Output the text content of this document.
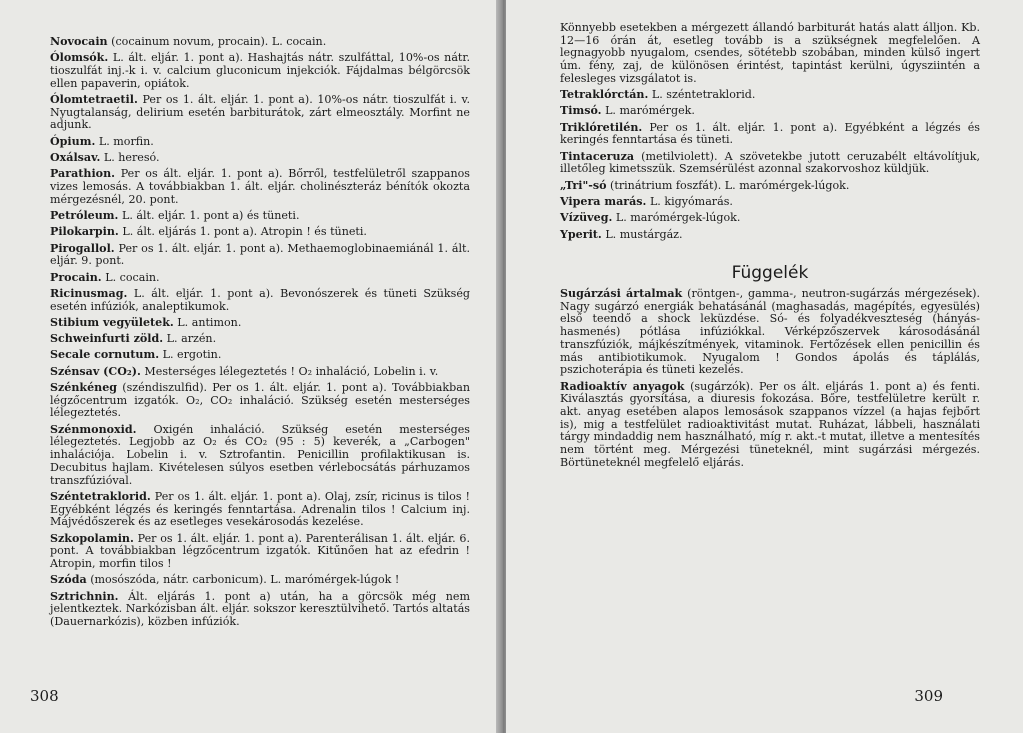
Novocain (cocainum novum, procain). L. cocain.

Ólomsók. L. ált. eljár. 1. pont a). Hashajtás nátr. szulfáttal, 10%-os nátr. tioszulfát inj.-k i. v. calcium gluconicum injekciók. Fájdalmas bélgörcsök ellen papaverin, opiátok.

Ólomtetraetil. Per os 1. ált. eljár. 1. pont a). 10%-os nátr. tioszulfát i. v. Nyugtalanság, delirium esetén barbiturátok, zárt elmeosztály. Morfint ne adjunk.

Ópium. L. morfin.

Oxálsav. L. heresó.

Parathion. Per os ált. eljár. 1. pont a). Bőrről, testfelületről szappanos vizes lemosás. A továbbiakban 1. ált. eljár. cholinészteráz bénítók okozta mérgezésnél, 20. pont.

Petróleum. L. ált. eljár. 1. pont a) és tüneti.

Pilokarpin. L. ált. eljárás 1. pont a). Atropin ! és tüneti.

Pirogallol. Per os 1. ált. eljár. 1. pont a). Methaemoglobinaemiánál 1. ált. eljár. 9. pont.

Procain. L. cocain.

Ricinusmag. L. ált. eljár. 1. pont a). Bevonószerek és tüneti Szükség esetén infúziók, analeptikumok.

Stibium vegyületek. L. antimon.

Schweinfurti zöld. L. arzén.

Secale cornutum. L. ergotin.

Szénsav (CO₂). Mesterséges lélegeztetés ! O₂ inhaláció, Lobelin i. v.

Szénkéneg (széndiszulfid). Per os 1. ált. eljár. 1. pont a). Továbbiakban légzőcentrum izgatók. O₂, CO₂ inhaláció. Szükség esetén mesterséges lélegeztetés.

Szénmonoxid. Oxigén inhaláció. Szükség esetén mesterséges lélegeztetés. Legjobb az O₂ és CO₂ (95 : 5) keverék, a „Carbogen" inhalációja. Lobelin i. v. Sztrofantin. Penicillin profilaktikusan is. Decubitus hajlam. Kivételesen súlyos esetben vérlebocsátás párhuzamos transzfúzióval.

Széntetraklorid. Per os 1. ált. eljár. 1. pont a). Olaj, zsír, ricinus is tilos ! Egyébként légzés és keringés fenntartása. Adrenalin tilos ! Calcium inj. Májvédőszerek és az esetleges vesekárosodás kezelése.

Szkopolamin. Per os 1. ált. eljár. 1. pont a). Parenterálisan 1. ált. eljár. 6. pont. A továbbiakban légzőcentrum izgatók. Kitűnően hat az efedrin ! Atropin, morfin tilos !

Szóda (mosószóda, nátr. carbonicum). L. marómérgek-lúgok !

Sztrichnin. Ált. eljárás 1. pont a) után, ha a görcsök még nem jelentkeztek. Narkózisban ált. eljár. sokszor keresztülvihető. Tartós altatás (Dauernarkózis), közben infúziók.

308

Könnyebb esetekben a mérgezett állandó barbiturát hatás alatt álljon. Kb. 12—16 órán át, esetleg tovább is a szükségnek megfelelően. A legnagyobb nyugalom, csendes, sötétebb szobában, minden külső ingert úm. fény, zaj, de különösen érintést, tapintást kerülni, úgysziintén a felesleges vizsgálatot is.

Tetraklórctán. L. széntetraklorid.

Timsó. L. marómérgek.

Triklóretilén. Per os 1. ált. eljár. 1. pont a). Egyébként a légzés és keringés fenntartása és tüneti.

Tintaceruza (metilviolett). A szövetekbe jutott ceruzabélt eltávolítjuk, illetőleg kimetsszük. Szemsérülést azonnal szakorvoshoz küldjük.

„Tri"-só (trinátrium foszfát). L. marómérgek-lúgok.

Vipera marás. L. kigyómarás.

Vízüveg. L. marómérgek-lúgok.

Yperit. L. mustárgáz.

Függelék

Sugárzási ártalmak (röntgen-, gamma-, neutron-sugárzás mérgezések). Nagy sugárzó energiák behatásánál (maghasadás, magépítés, egyesülés) első teendő a shock leküzdése. Só- és folyadékveszteség (hányás-hasmenés) pótlása infúziókkal. Vérképzőszervek károsodásánál transzfúziók, májkészítmények, vitaminok. Fertőzések ellen penicillin és más antibiotikumok. Nyugalom ! Gondos ápolás és táplálás, pszichoterápia és tüneti kezelés.

Radioaktív anyagok (sugárzók). Per os ált. eljárás 1. pont a) és fenti. Kiválasztás gyorsítása, a diuresis fokozása. Bőre, testfelületre került r. akt. anyag esetében alapos lemosások szappanos vízzel (a hajas fejbőrt is), mig a testfelület radioaktivitást mutat. Ruházat, lábbeli, használati tárgy mindaddig nem használható, míg r. akt.-t mutat, illetve a mentesítés nem történt meg. Mérgezési tüneteknél, mint sugárzási mérgezés. Börtüneteknél megfelelő eljárás.

309
